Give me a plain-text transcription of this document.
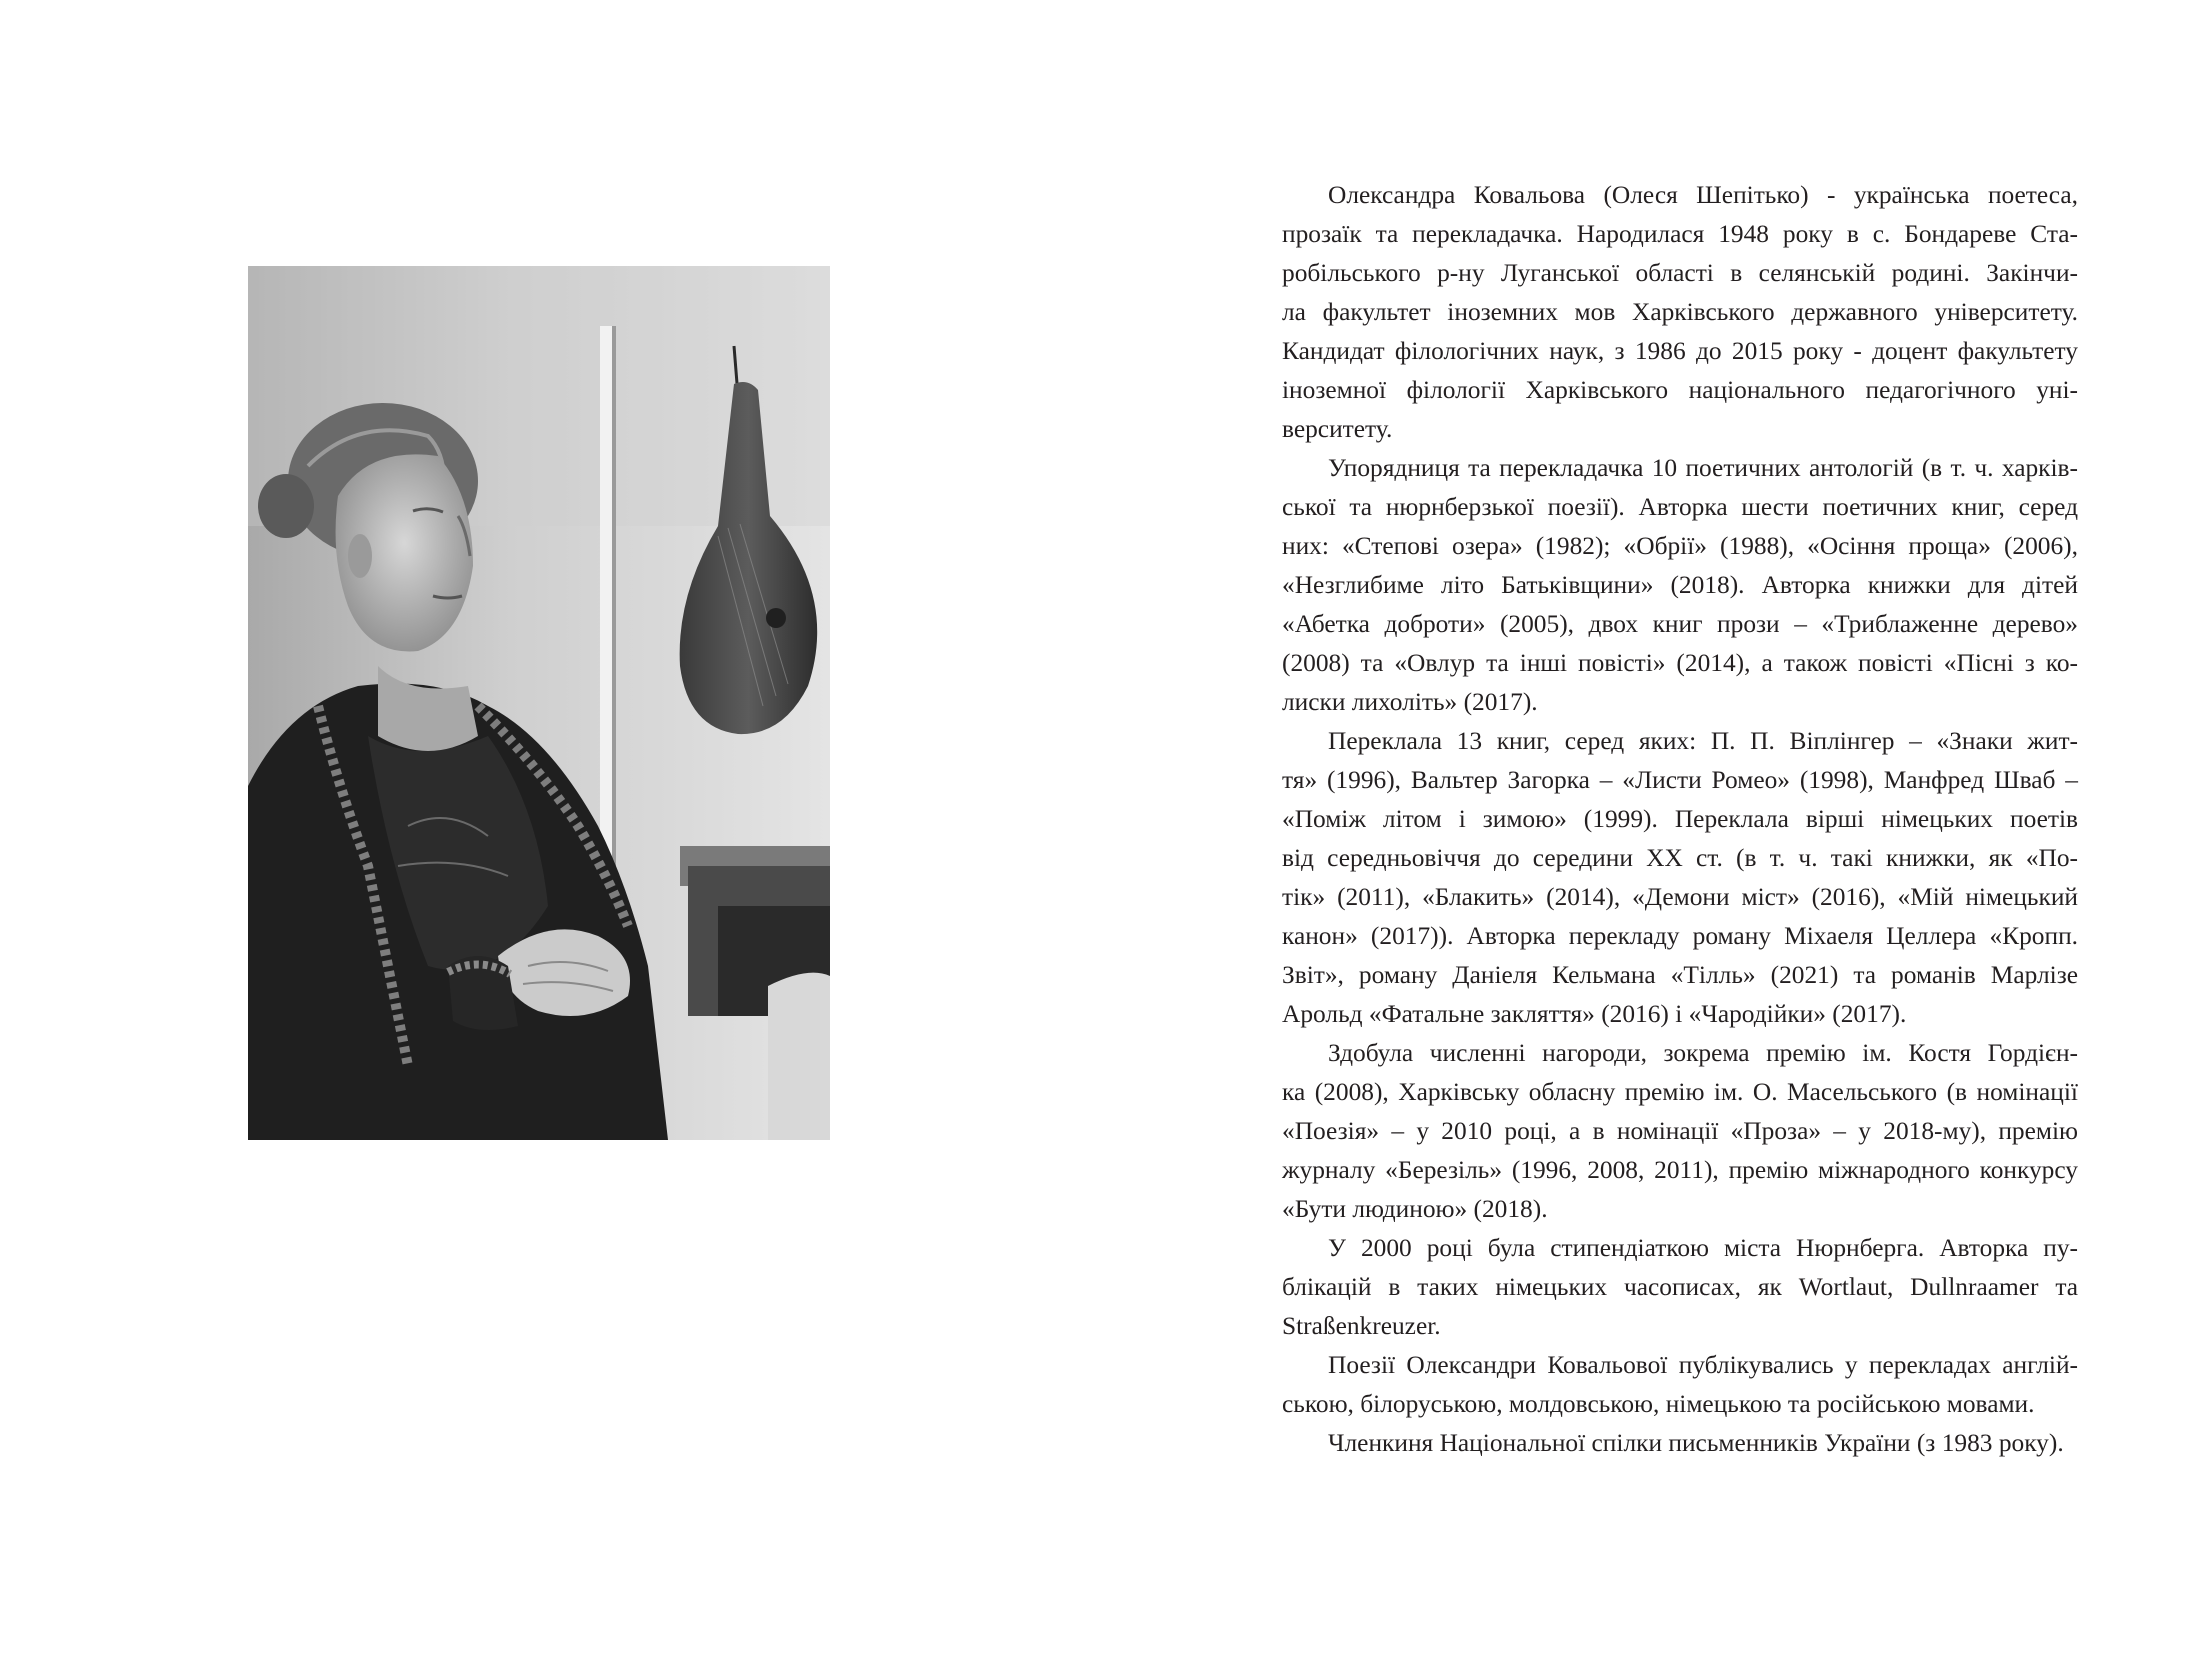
Олександра Ковальова (Олеся Шепітько) - українська поетеса,
прозаїк та перекладачка. Народилася 1948 року в с. Бондареве Ста-
робільського р-ну Луганської області в селянській родині. Закінчи-
ла факультет іноземних мов Харківського державного університету.
Кандидат філологічних наук, з 1986 до 2015 року - доцент факультету
іноземної філології Харківського національного педагогічного уні-
верситету.

Упорядниця та перекладачка 10 поетичних антологій (в т. ч. харків-
ської та нюрнберзької поезії). Авторка шести поетичних книг, серед
них: «Степові озера» (1982); «Обрії» (1988), «Осіння проща» (2006),
«Незглибиме літо Батьківщини» (2018). Авторка книжки для дітей
«Абетка доброти» (2005), двох книг прози – «Триблаженне дерево»
(2008) та «Овлур та інші повісті» (2014), а також повісті «Пісні з ко-
лиски лихоліть» (2017).

Переклала 13 книг, серед яких: П. П. Віплінгер – «Знаки жит-
тя» (1996), Вальтер Загорка – «Листи Ромео» (1998), Манфред Шваб –
«Поміж літом і зимою» (1999). Переклала вірші німецьких поетів
від середньовіччя до середини XX ст. (в т. ч. такі книжки, як «По-
тік» (2011), «Блакить» (2014), «Демони міст» (2016), «Мій німецький
канон» (2017)). Авторка перекладу роману Міхаеля Целлера «Кропп.
Звіт», роману Даніеля Кельмана «Тілль» (2021) та романів Марлізе
Арольд «Фатальне закляття» (2016) і «Чародійки» (2017).

Здобула численні нагороди, зокрема премію ім. Костя Гордієн-
ка (2008), Харківську обласну премію ім. О. Масельського (в номінації
«Поезія» – у 2010 році, а в номінації «Проза» – у 2018-му), премію
журналу «Березіль» (1996, 2008, 2011), премію міжнародного конкурсу
«Бути людиною» (2018).

У 2000 році була стипендіаткою міста Нюрнберга. Авторка пу-
блікацій в таких німецьких часописах, як Wortlaut, Dullnraamer та
Straßenkreuzer.

Поезії Олександри Ковальової публікувались у перекладах англій-
ською, білоруською, молдовською, німецькою та російською мовами.

Членкиня Національної спілки письменників України (з 1983 року).
